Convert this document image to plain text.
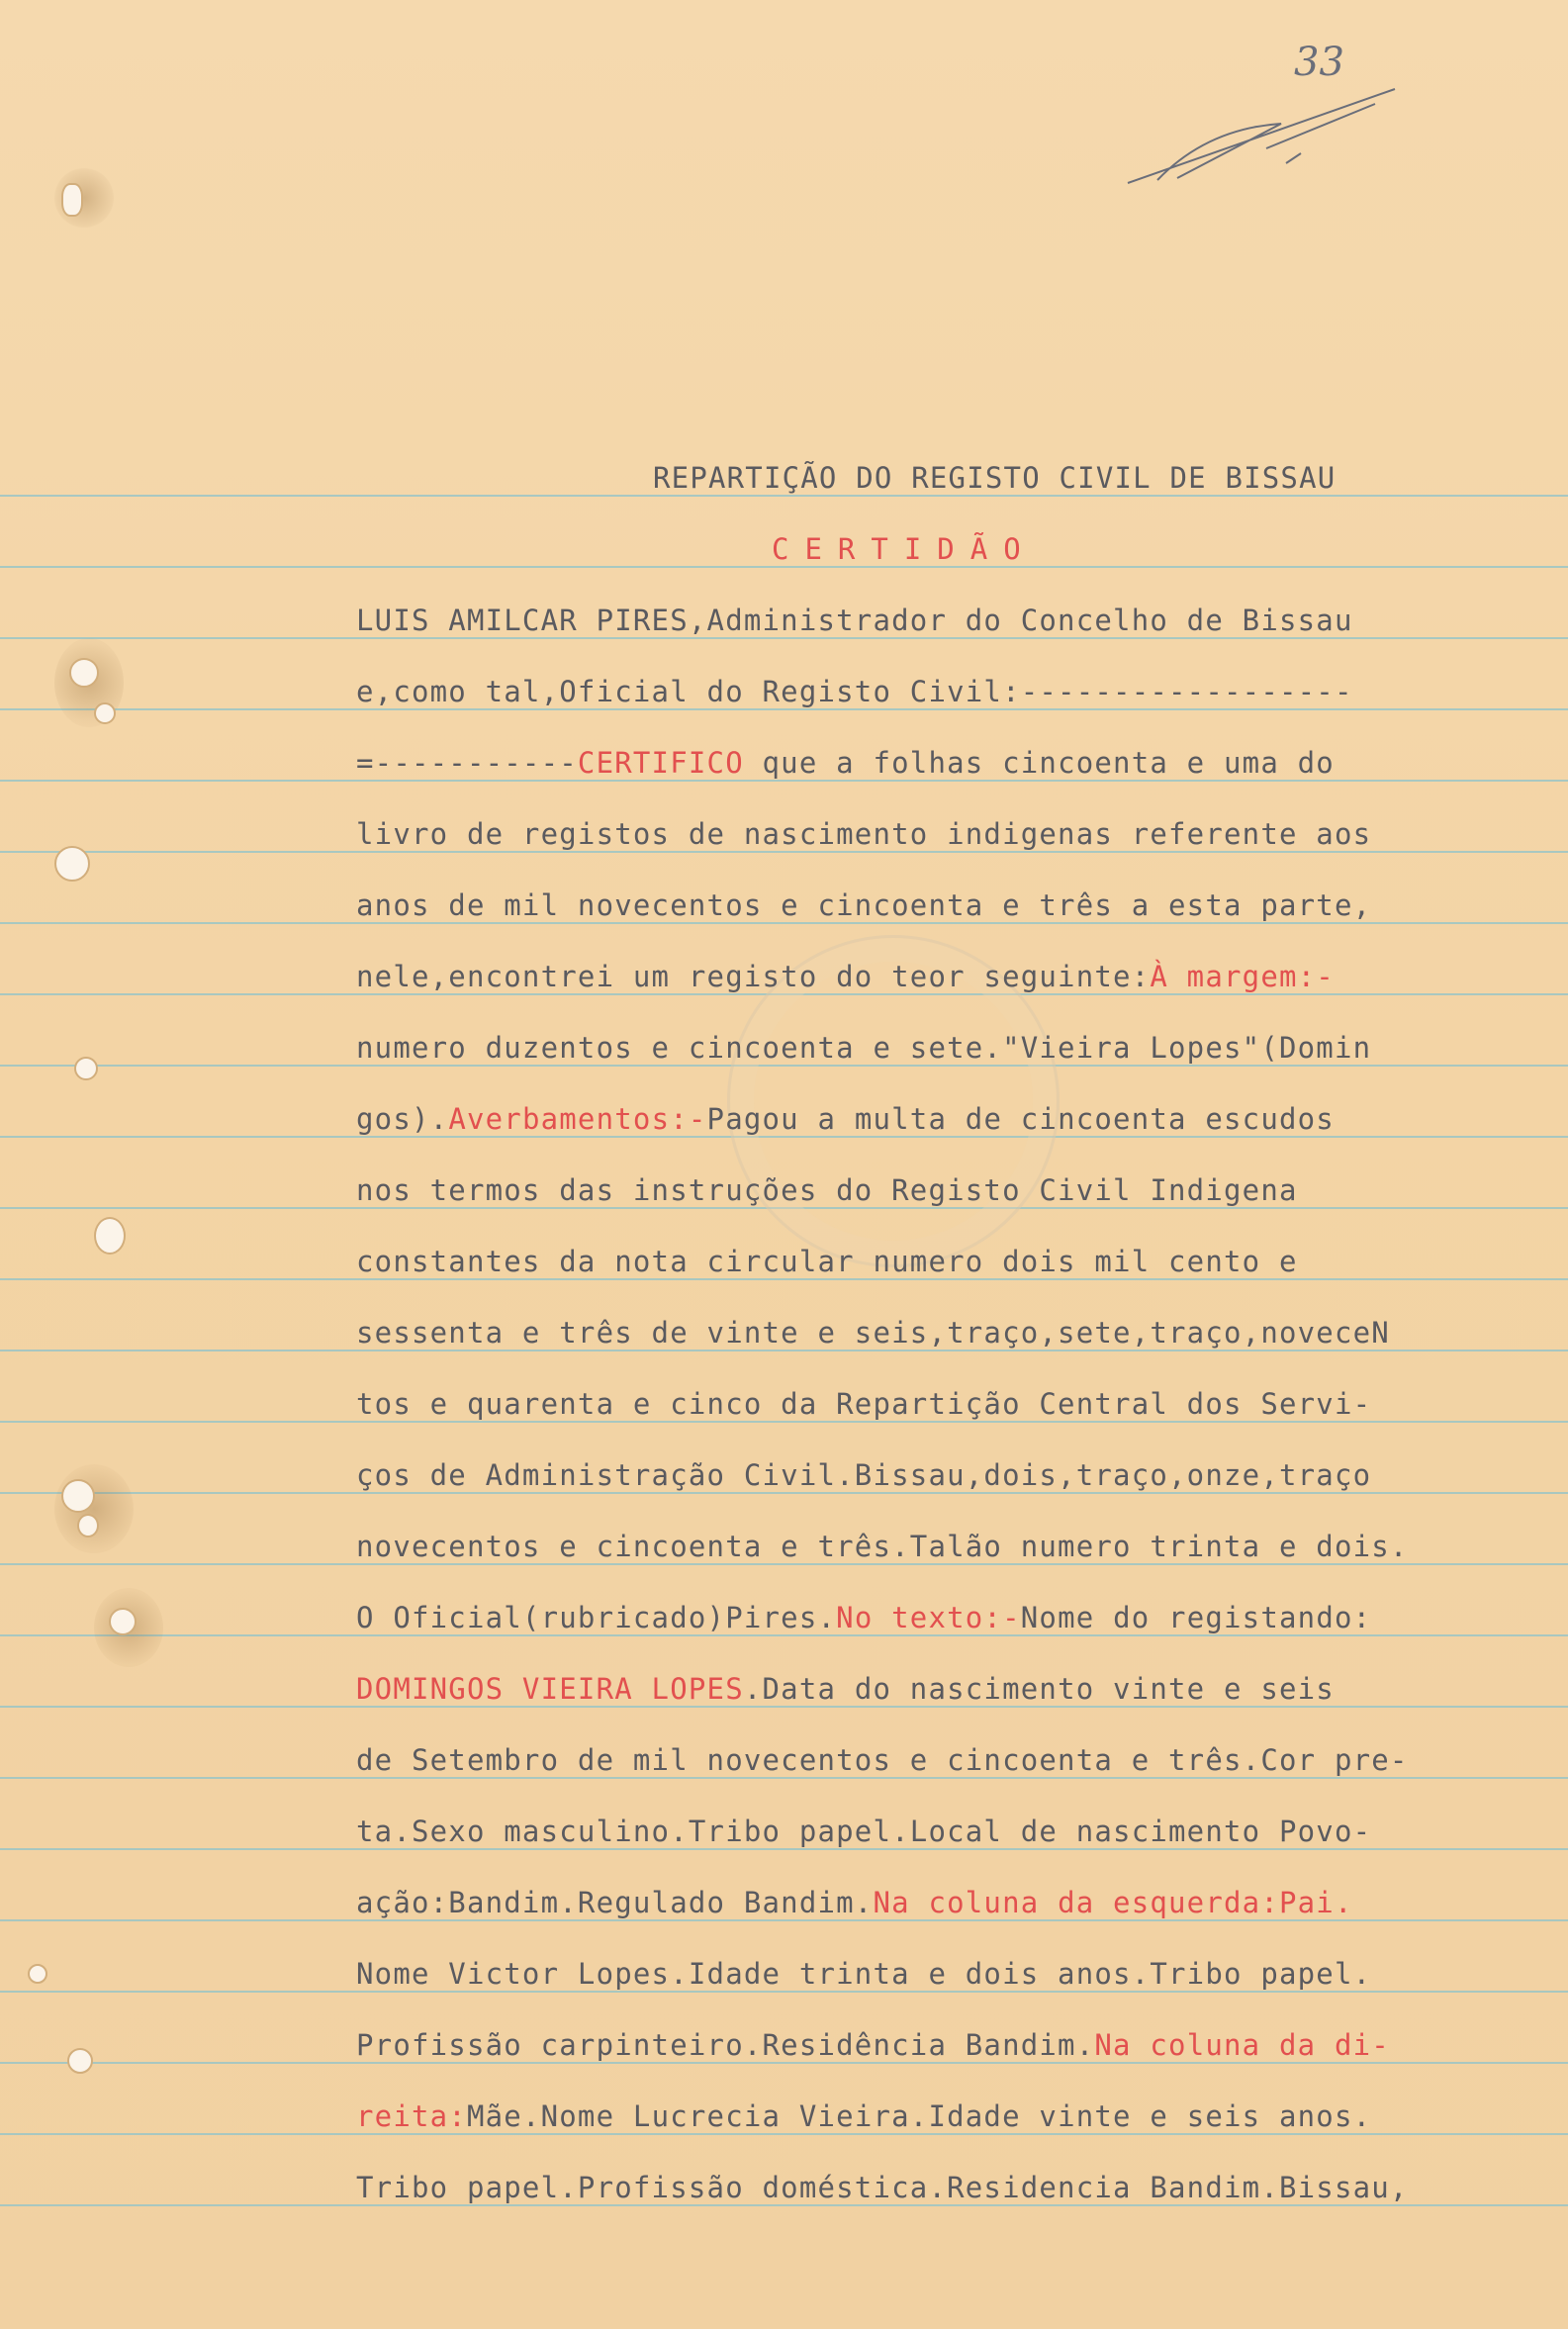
33
REPARTIÇÃO DO REGISTO CIVIL DE BISSAU
CERTIDÃO
LUIS AMILCAR PIRES,Administrador do Concelho de Bissau
e,como tal,Oficial do Registo Civil:------------------
=-----------CERTIFICO que a folhas cincoenta e uma do
livro de registos de nascimento indigenas referente aos
anos de mil novecentos e cincoenta e três a esta parte,
nele,encontrei um registo do teor seguinte:À margem:-
numero duzentos e cincoenta e sete."Vieira Lopes"(Domin
gos).Averbamentos:-Pagou a multa de cincoenta escudos
nos termos das instruções do Registo Civil Indigena
constantes da nota circular numero dois mil cento e
sessenta e três de vinte e seis,traço,sete,traço,noveceN
tos e quarenta e cinco da Repartição Central dos Servi-
ços de Administração Civil.Bissau,dois,traço,onze,traço
novecentos e cincoenta e três.Talão numero trinta e dois.
O Oficial(rubricado)Pires.No texto:-Nome do registando:
DOMINGOS VIEIRA LOPES.Data do nascimento vinte e seis
de Setembro de mil novecentos e cincoenta e três.Cor pre-
ta.Sexo masculino.Tribo papel.Local de nascimento Povo-
ação:Bandim.Regulado Bandim.Na coluna da esquerda:Pai.
Nome Victor Lopes.Idade trinta e dois anos.Tribo papel.
Profissão carpinteiro.Residência Bandim.Na coluna da di-
reita:Mãe.Nome Lucrecia Vieira.Idade vinte e seis anos.
Tribo papel.Profissão doméstica.Residencia Bandim.Bissau,
